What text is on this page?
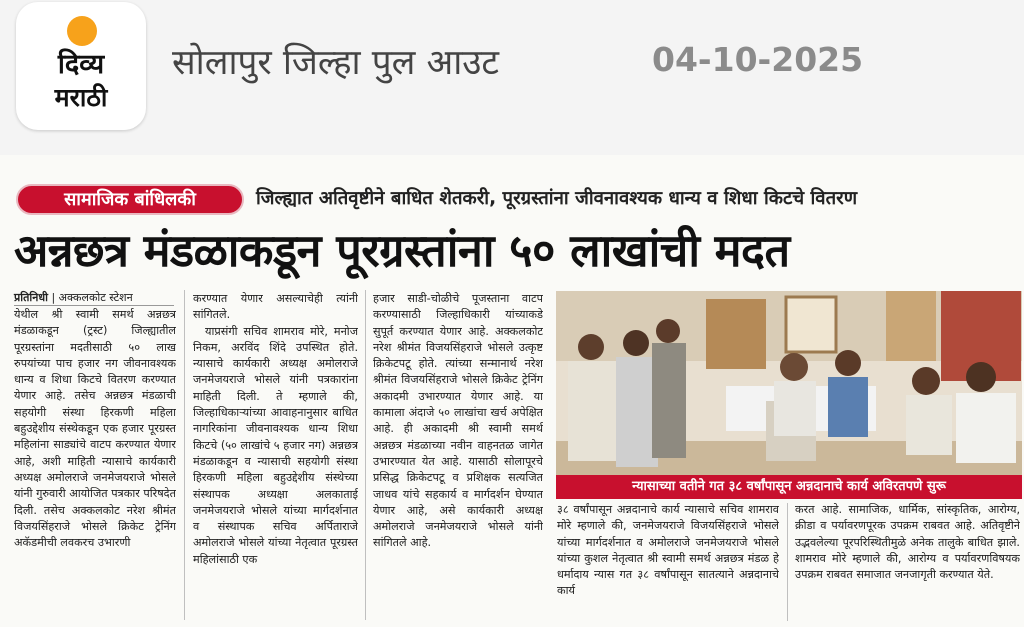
दिव्य
मराठी
सोलापुर जिल्हा पुल आउट	04-10-2025
सामाजिक बांधिलकी	जिल्ह्यात अतिवृष्टीने बाधित शेतकरी, पूरग्रस्तांना जीवनावश्यक धान्य व शिधा किटचे वितरण
अन्नछत्र मंडळाकडून पूरग्रस्तांना ५० लाखांची मदत
प्रतिनिधी | अक्कलकोट स्टेशन

येथील श्री स्वामी समर्थ अन्नछत्र मंडळाकडून (ट्रस्ट) जिल्ह्यातील पूरग्रस्तांना मदतीसाठी ५० लाख रुपयांच्या पाच हजार नग जीवनावश्यक धान्य व शिधा किटचे वितरण करण्यात येणार आहे. तसेच अन्नछत्र मंडळाची सहयोगी संस्था हिरकणी महिला बहुउद्देशीय संस्थेकडून एक हजार पूरग्रस्त महिलांना साड्यांचे वाटप करण्यात येणार आहे, अशी माहिती न्यासाचे कार्यकारी अध्यक्ष अमोलराजे जनमेजयराजे भोसले यांनी गुरुवारी आयोजित पत्रकार परिषदेत दिली. तसेच अक्कलकोट नरेश श्रीमंत विजयसिंहराजे भोसले क्रिकेट ट्रेनिंग अकॅडमीची लवकरच उभारणी

करण्यात येणार असल्याचेही त्यांनी सांगितले.

याप्रसंगी सचिव शामराव मोरे, मनोज निकम, अरविंद शिंदे उपस्थित होते. न्यासाचे कार्यकारी अध्यक्ष अमोलराजे जनमेजयराजे भोसले यांनी पत्रकारांना माहिती दिली. ते म्हणाले की, जिल्हाधिकाऱ्यांच्या आवाहनानुसार बाधित नागरिकांना जीवनावश्यक धान्य शिधा किटचे (५० लाखांचे ५ हजार नग) अन्नछत्र मंडळाकडून व न्यासाची सहयोगी संस्था हिरकणी महिला बहुउद्देशीय संस्थेच्या संस्थापक अध्यक्षा अलकाताई जनमेजयराजे भोसले यांच्या मार्गदर्शनात व संस्थापक सचिव अर्पिताराजे अमोलराजे भोसले यांच्या नेतृत्वात पूरग्रस्त महिलांसाठी एक

हजार साडी-चोळीचे पूजस्ताना वाटप करण्यासाठी जिल्हाधिकारी यांच्याकडे सुपूर्त करण्यात येणार आहे. अक्कलकोट नरेश श्रीमंत विजयसिंहराजे भोसले उत्कृष्ट क्रिकेटपटू होते. त्यांच्या सन्मानार्थ नरेश श्रीमंत विजयसिंहराजे भोसले क्रिकेट ट्रेनिंग अकादमी उभारण्यात येणार आहे. या कामाला अंदाजे ५० लाखांचा खर्च अपेक्षित आहे. ही अकादमी श्री स्वामी समर्थ अन्नछत्र मंडळाच्या नवीन वाहनतळ जागेत उभारण्यात येत आहे. यासाठी सोलापूरचे प्रसिद्ध क्रिकेटपटू व प्रशिक्षक सत्यजित जाधव यांचे सहकार्य व मार्गदर्शन घेण्यात येणार आहे, असे कार्यकारी अध्यक्ष अमोलराजे जनमेजयराजे भोसले यांनी सांगितले आहे.

न्यासाच्या वतीने गत ३८ वर्षांपासून अन्नदानाचे कार्य अविरतपणे सुरू

३८ वर्षांपासून अन्नदानाचे कार्य न्यासाचे सचिव शामराव मोरे म्हणाले की, जनमेजयराजे विजयसिंहराजे भोसले यांच्या मार्गदर्शनात व अमोलराजे जनमेजयराजे भोसले यांच्या कुशल नेतृत्वात श्री स्वामी समर्थ अन्नछत्र मंडळ हे धर्मादाय न्यास गत ३८ वर्षांपासून सातत्याने अन्नदानाचे कार्य

करत आहे. सामाजिक, धार्मिक, सांस्कृतिक, आरोग्य, क्रीडा व पर्यावरणपूरक उपक्रम राबवत आहे. अतिवृष्टीने उद्भवलेल्या पूरपरिस्थितीमुळे अनेक तालुके बाधित झाले. शामराव मोरे म्हणाले की, आरोग्य व पर्यावरणविषयक उपक्रम राबवत समाजात जनजागृती करण्यात येते.
